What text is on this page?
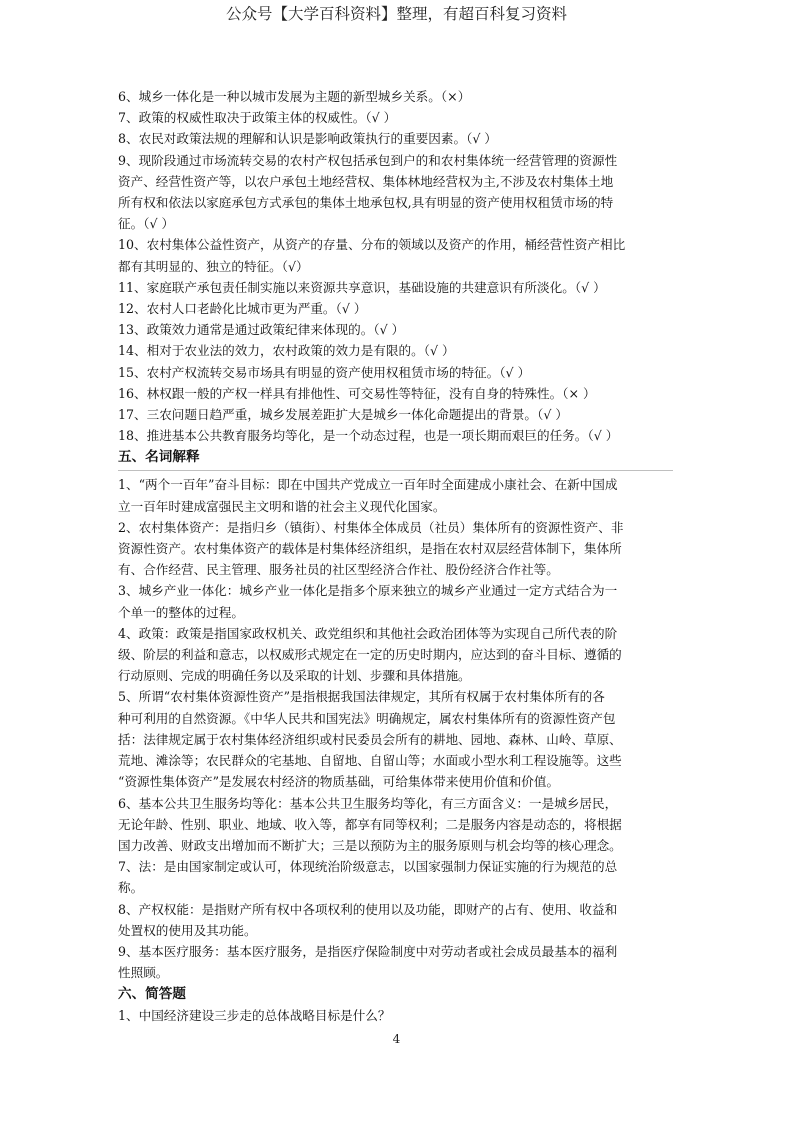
公众号【大学百科资料】整理，有超百科复习资料
6、城乡一体化是一种以城市发展为主题的新型城乡关系。（×）
7、政策的权威性取决于政策主体的权威性。（√ ）
8、农民对政策法规的理解和认识是影响政策执行的重要因素。（√ ）
9、现阶段通过市场流转交易的农村产权包括承包到户的和农村集体统一经营管理的资源性
资产、经营性资产等，以农户承包土地经营权、集体林地经营权为主,不涉及农村集体土地
所有权和依法以家庭承包方式承包的集体土地承包权,具有明显的资产使用权租赁市场的特
征。（√ ）
10、农村集体公益性资产，从资产的存量、分布的领域以及资产的作用，桶经营性资产相比
都有其明显的、独立的特征。（√）
11、家庭联产承包责任制实施以来资源共享意识，基础设施的共建意识有所淡化。（√ ）
12、农村人口老龄化比城市更为严重。（√ ）
13、政策效力通常是通过政策纪律来体现的。（√ ）
14、相对于农业法的效力，农村政策的效力是有限的。（√ ）
15、农村产权流转交易市场具有明显的资产使用权租赁市场的特征。（√ ）
16、林权跟一般的产权一样具有排他性、可交易性等特征，没有自身的特殊性。（× ）
17、三农问题日趋严重，城乡发展差距扩大是城乡一体化命题提出的背景。（√ ）
18、推进基本公共教育服务均等化，是一个动态过程，也是一项长期而艰巨的任务。（√ ）
五、名词解释
1、“两个一百年”奋斗目标：即在中国共产党成立一百年时全面建成小康社会、在新中国成
立一百年时建成富强民主文明和谐的社会主义现代化国家。
2、农村集体资产：是指归乡（镇街）、村集体全体成员（社员）集体所有的资源性资产、非
资源性资产。农村集体资产的载体是村集体经济组织，是指在农村双层经营体制下，集体所
有、合作经营、民主管理、服务社员的社区型经济合作社、股份经济合作社等。
3、城乡产业一体化：城乡产业一体化是指多个原来独立的城乡产业通过一定方式结合为一
个单一的整体的过程。
4、政策：政策是指国家政权机关、政党组织和其他社会政治团体等为实现自己所代表的阶
级、阶层的利益和意志，以权威形式规定在一定的历史时期内，应达到的奋斗目标、遵循的
行动原则、完成的明确任务以及采取的计划、步骤和具体措施。
5、所谓“农村集体资源性资产”是指根据我国法律规定，其所有权属于农村集体所有的各
种可利用的自然资源。《中华人民共和国宪法》明确规定，属农村集体所有的资源性资产包
括：法律规定属于农村集体经济组织或村民委员会所有的耕地、园地、森林、山岭、草原、
荒地、滩涂等；农民群众的宅基地、自留地、自留山等；水面或小型水利工程设施等。这些
“资源性集体资产”是发展农村经济的物质基础，可给集体带来使用价值和价值。
6、基本公共卫生服务均等化：基本公共卫生服务均等化，有三方面含义：一是城乡居民，
无论年龄、性别、职业、地域、收入等，都享有同等权利；二是服务内容是动态的，将根据
国力改善、财政支出增加而不断扩大；三是以预防为主的服务原则与机会均等的核心理念。
7、法：是由国家制定或认可，体现统治阶级意志，以国家强制力保证实施的行为规范的总
称。
8、产权权能：是指财产所有权中各项权利的使用以及功能，即财产的占有、使用、收益和
处置权的使用及其功能。
9、基本医疗服务：基本医疗服务，是指医疗保险制度中对劳动者或社会成员最基本的福利
性照顾。
六、简答题
1、中国经济建设三步走的总体战略目标是什么？
4
